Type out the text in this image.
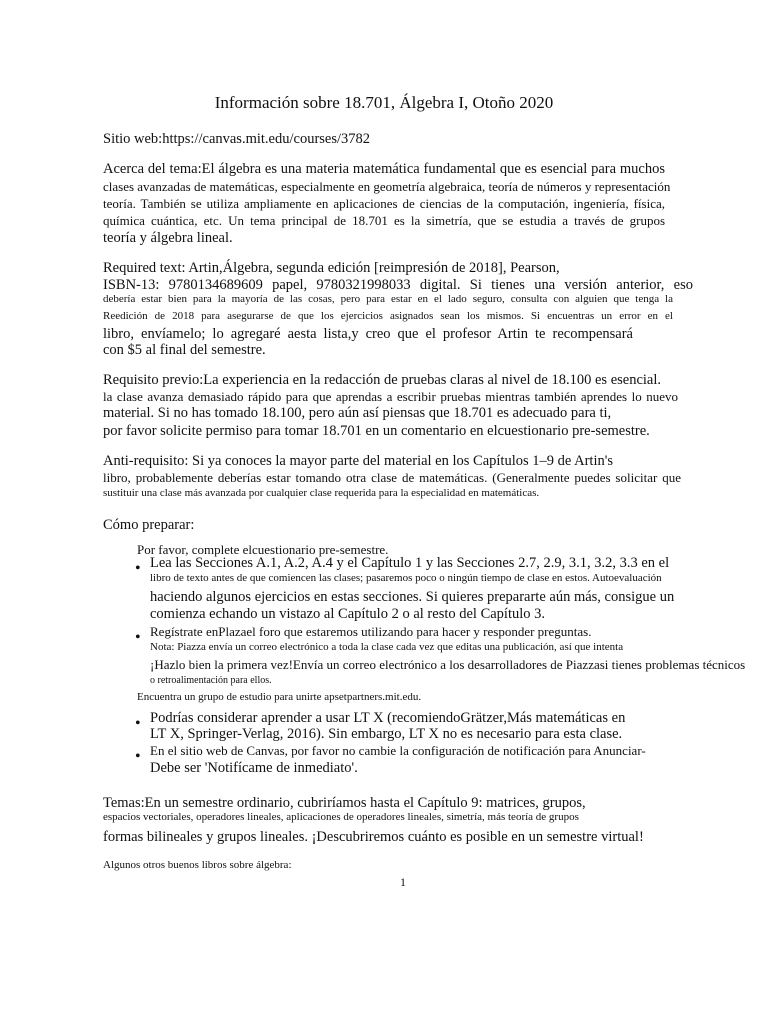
Información sobre 18.701, Álgebra I, Otoño 2020
Sitio web:https://canvas.mit.edu/courses/3782
Acerca del tema:El álgebra es una materia matemática fundamental que es esencial para muchos
clases avanzadas de matemáticas, especialmente en geometría algebraica, teoría de números y representación
teoría. También se utiliza ampliamente en aplicaciones de ciencias de la computación, ingeniería, física,
química cuántica, etc. Un tema principal de 18.701 es la simetría, que se estudia a través de grupos
teoría y álgebra lineal.
Required text: Artin,Álgebra, segunda edición [reimpresión de 2018], Pearson,
ISBN-13: 9780134689609 papel, 9780321998033 digital. Si tienes una versión anterior, eso
debería estar bien para la mayoría de las cosas, pero para estar en el lado seguro, consulta con alguien que tenga la
Reedición de 2018 para asegurarse de que los ejercicios asignados sean los mismos. Si encuentras un error en el
libro, envíamelo; lo agregaré aesta lista,y creo que el profesor Artin te recompensará
con $5 al final del semestre.
Requisito previo:La experiencia en la redacción de pruebas claras al nivel de 18.100 es esencial.
la clase avanza demasiado rápido para que aprendas a escribir pruebas mientras también aprendes lo nuevo
material. Si no has tomado 18.100, pero aún así piensas que 18.701 es adecuado para ti,
por favor solicite permiso para tomar 18.701 en un comentario en elcuestionario pre-semestre.
Anti-requisito: Si ya conoces la mayor parte del material en los Capítulos 1–9 de Artin's
libro, probablemente deberías estar tomando otra clase de matemáticas. (Generalmente puedes solicitar que
sustituir una clase más avanzada por cualquier clase requerida para la especialidad en matemáticas.
Cómo preparar:
Por favor, complete elcuestionario pre-semestre.
• Lea las Secciones A.1, A.2, A.4 y el Capítulo 1 y las Secciones 2.7, 2.9, 3.1, 3.2, 3.3 en el
libro de texto antes de que comiencen las clases; pasaremos poco o ningún tiempo de clase en estos. Autoevaluación
haciendo algunos ejercicios en estas secciones. Si quieres prepararte aún más, consigue un
comienza echando un vistazo al Capítulo 2 o al resto del Capítulo 3.
• Regístrate enPlazael foro que estaremos utilizando para hacer y responder preguntas.
Nota: Piazza envía un correo electrónico a toda la clase cada vez que editas una publicación, así que intenta
¡Hazlo bien la primera vez!Envía un correo electrónico a los desarrolladores de Piazzasi tienes problemas técnicos
o retroalimentación para ellos.
Encuentra un grupo de estudio para unirte apsetpartners.mit.edu.
• Podrías considerar aprender a usar LT X (recomiendoGrätzer,Más matemáticas en
LT X, Springer-Verlag, 2016). Sin embargo, LT X no es necesario para esta clase.
• En el sitio web de Canvas, por favor no cambie la configuración de notificación para Anunciar-
Debe ser 'Notifícame de inmediato'.
Temas:En un semestre ordinario, cubriríamos hasta el Capítulo 9: matrices, grupos,
espacios vectoriales, operadores lineales, aplicaciones de operadores lineales, simetría, más teoría de grupos
formas bilineales y grupos lineales. ¡Descubriremos cuánto es posible en un semestre virtual!
Algunos otros buenos libros sobre álgebra:
1
